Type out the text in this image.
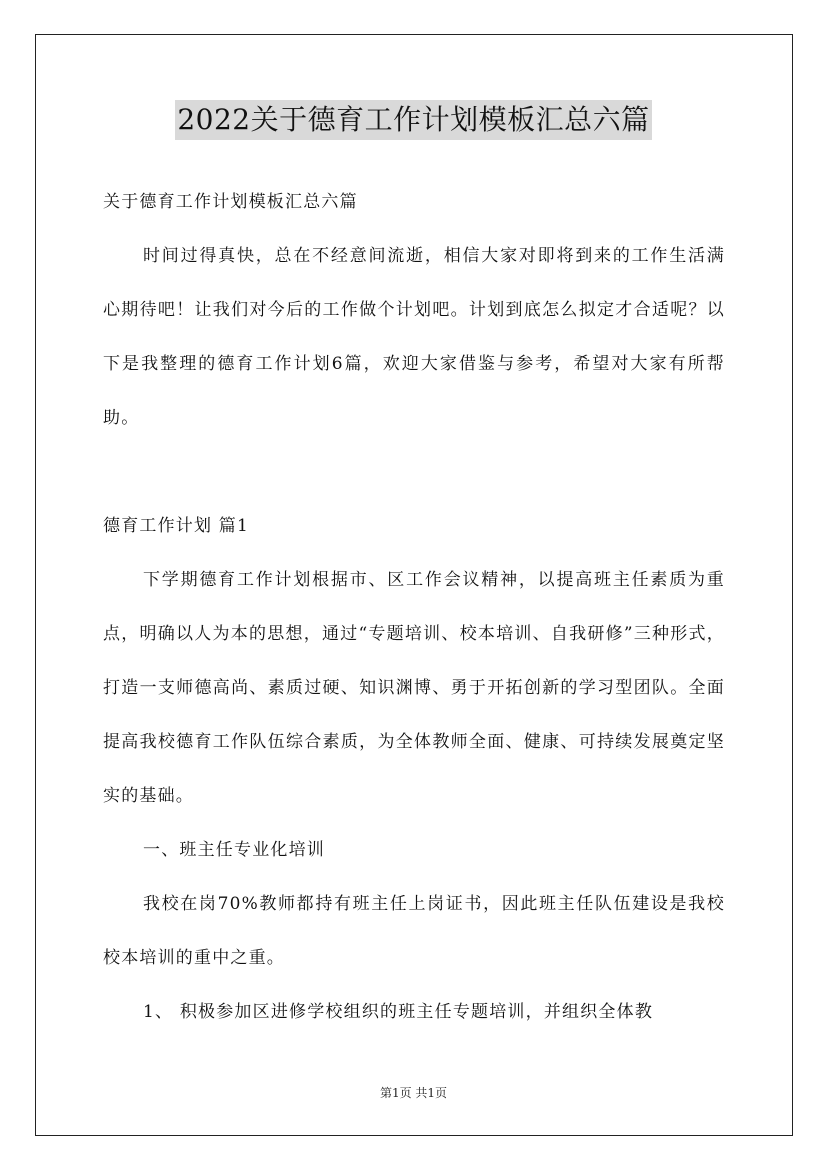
2022关于德育工作计划模板汇总六篇

关于德育工作计划模板汇总六篇

时间过得真快，总在不经意间流逝，相信大家对即将到来的工作生活满心期待吧！让我们对今后的工作做个计划吧。计划到底怎么拟定才合适呢？以下是我整理的德育工作计划6篇，欢迎大家借鉴与参考，希望对大家有所帮助。

德育工作计划 篇1

下学期德育工作计划根据市、区工作会议精神，以提高班主任素质为重点，明确以人为本的思想，通过“专题培训、校本培训、自我研修”三种形式，打造一支师德高尚、素质过硬、知识渊博、勇于开拓创新的学习型团队。全面提高我校德育工作队伍综合素质，为全体教师全面、健康、可持续发展奠定坚实的基础。

一、班主任专业化培训

我校在岗70%教师都持有班主任上岗证书，因此班主任队伍建设是我校校本培训的重中之重。

1、 积极参加区进修学校组织的班主任专题培训，并组织全体教

第1页 共1页
